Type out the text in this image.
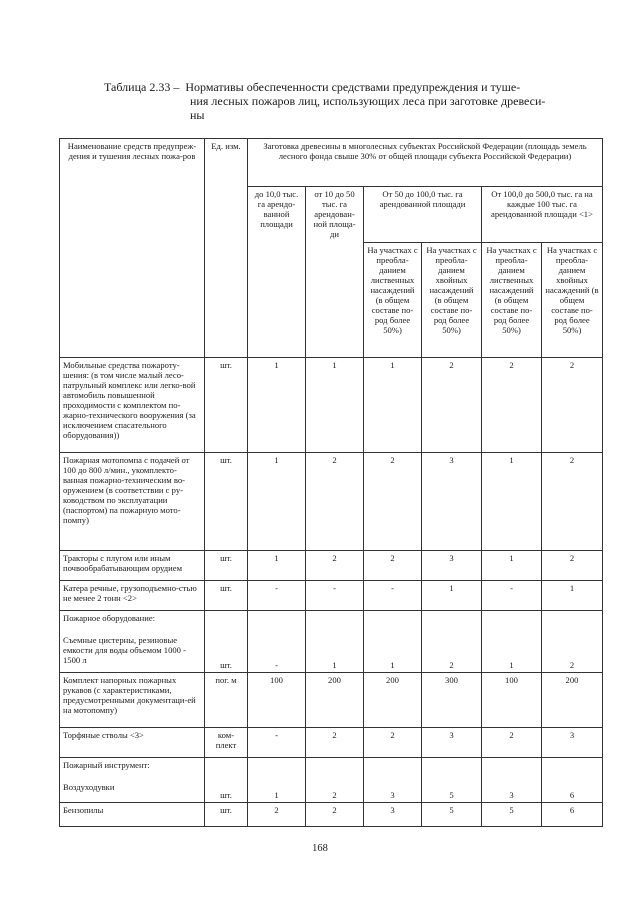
Таблица 2.33 – Нормативы обеспеченности средствами предупреждения и туше-
ния лесных пожаров лиц, использующих леса при заготовке древеси-
ны
Наименование средств предупреж-дения и тушения лесных пожа-ров	Ед. изм.	Заготовка древесины в многолесных субъектах Российской Федерации (площадь земель лесного фонда свыше 30% от общей площади субъекта Российской Федерации)					
		до 10,0 тыс. га арендо-ванной площади	от 10 до 50 тыс. га арендован-ной площа-ди	От 50 до 100,0 тыс. га арендованной площади		От 100,0 до 500,0 тыс. га на каждые 100 тыс. га арендованной площади <1>	
				На участках с преобла-данием лиственных насаждений (в общем составе по-род более 50%)	На участках с преобла-данием хвойных насаждений (в общем составе по-род более 50%)	На участках с преобла-данием лиственных насаждений (в общем составе по-род более 50%)	На участках с преобла-данием хвойных насаждений (в общем составе по-род более 50%)
Мобильные средства пожароту-шения: (в том числе малый лесо-патрульный комплекс или легко-вой автомобиль повышенной проходимости с комплектом по-жарно-технического вооружения (за исключением спасательного оборудования))	шт.	1	1	1	2	2	2
Пожарная мотопомпа с подачей от 100 до 800 л/мин., укомплекто-ванная пожарно-техническим во-оружением (в соответствии с ру-ководством по эксплуатации (паспортом) па пожарную мото-помпу)	шт.	1	2	2	3	1	2
Тракторы с плугом или иным почвообрабатывающим орудием	шт.	1	2	2	3	1	2
Катера речные, грузоподъемно-стью не менее 2 тонн <2>	шт.	-	-	-	1	-	1
Пожарное оборудование:
Съемные цистерны, резиновые емкости для воды объемом 1000 - 1500 л	шт.	-	1	1	2	1	2
Комплект напорных пожарных рукавов (с характеристиками, предусмотренными документаци-ей на мотопомпу)	пог. м	100	200	200	300	100	200
Торфяные стволы <3>	ком-плект	-	2	2	3	2	3
Пожарный инструмент:
Воздуходувки	шт.	1	2	3	5	3	6
Бензопилы	шт.	2	2	3	5	5	6
168
